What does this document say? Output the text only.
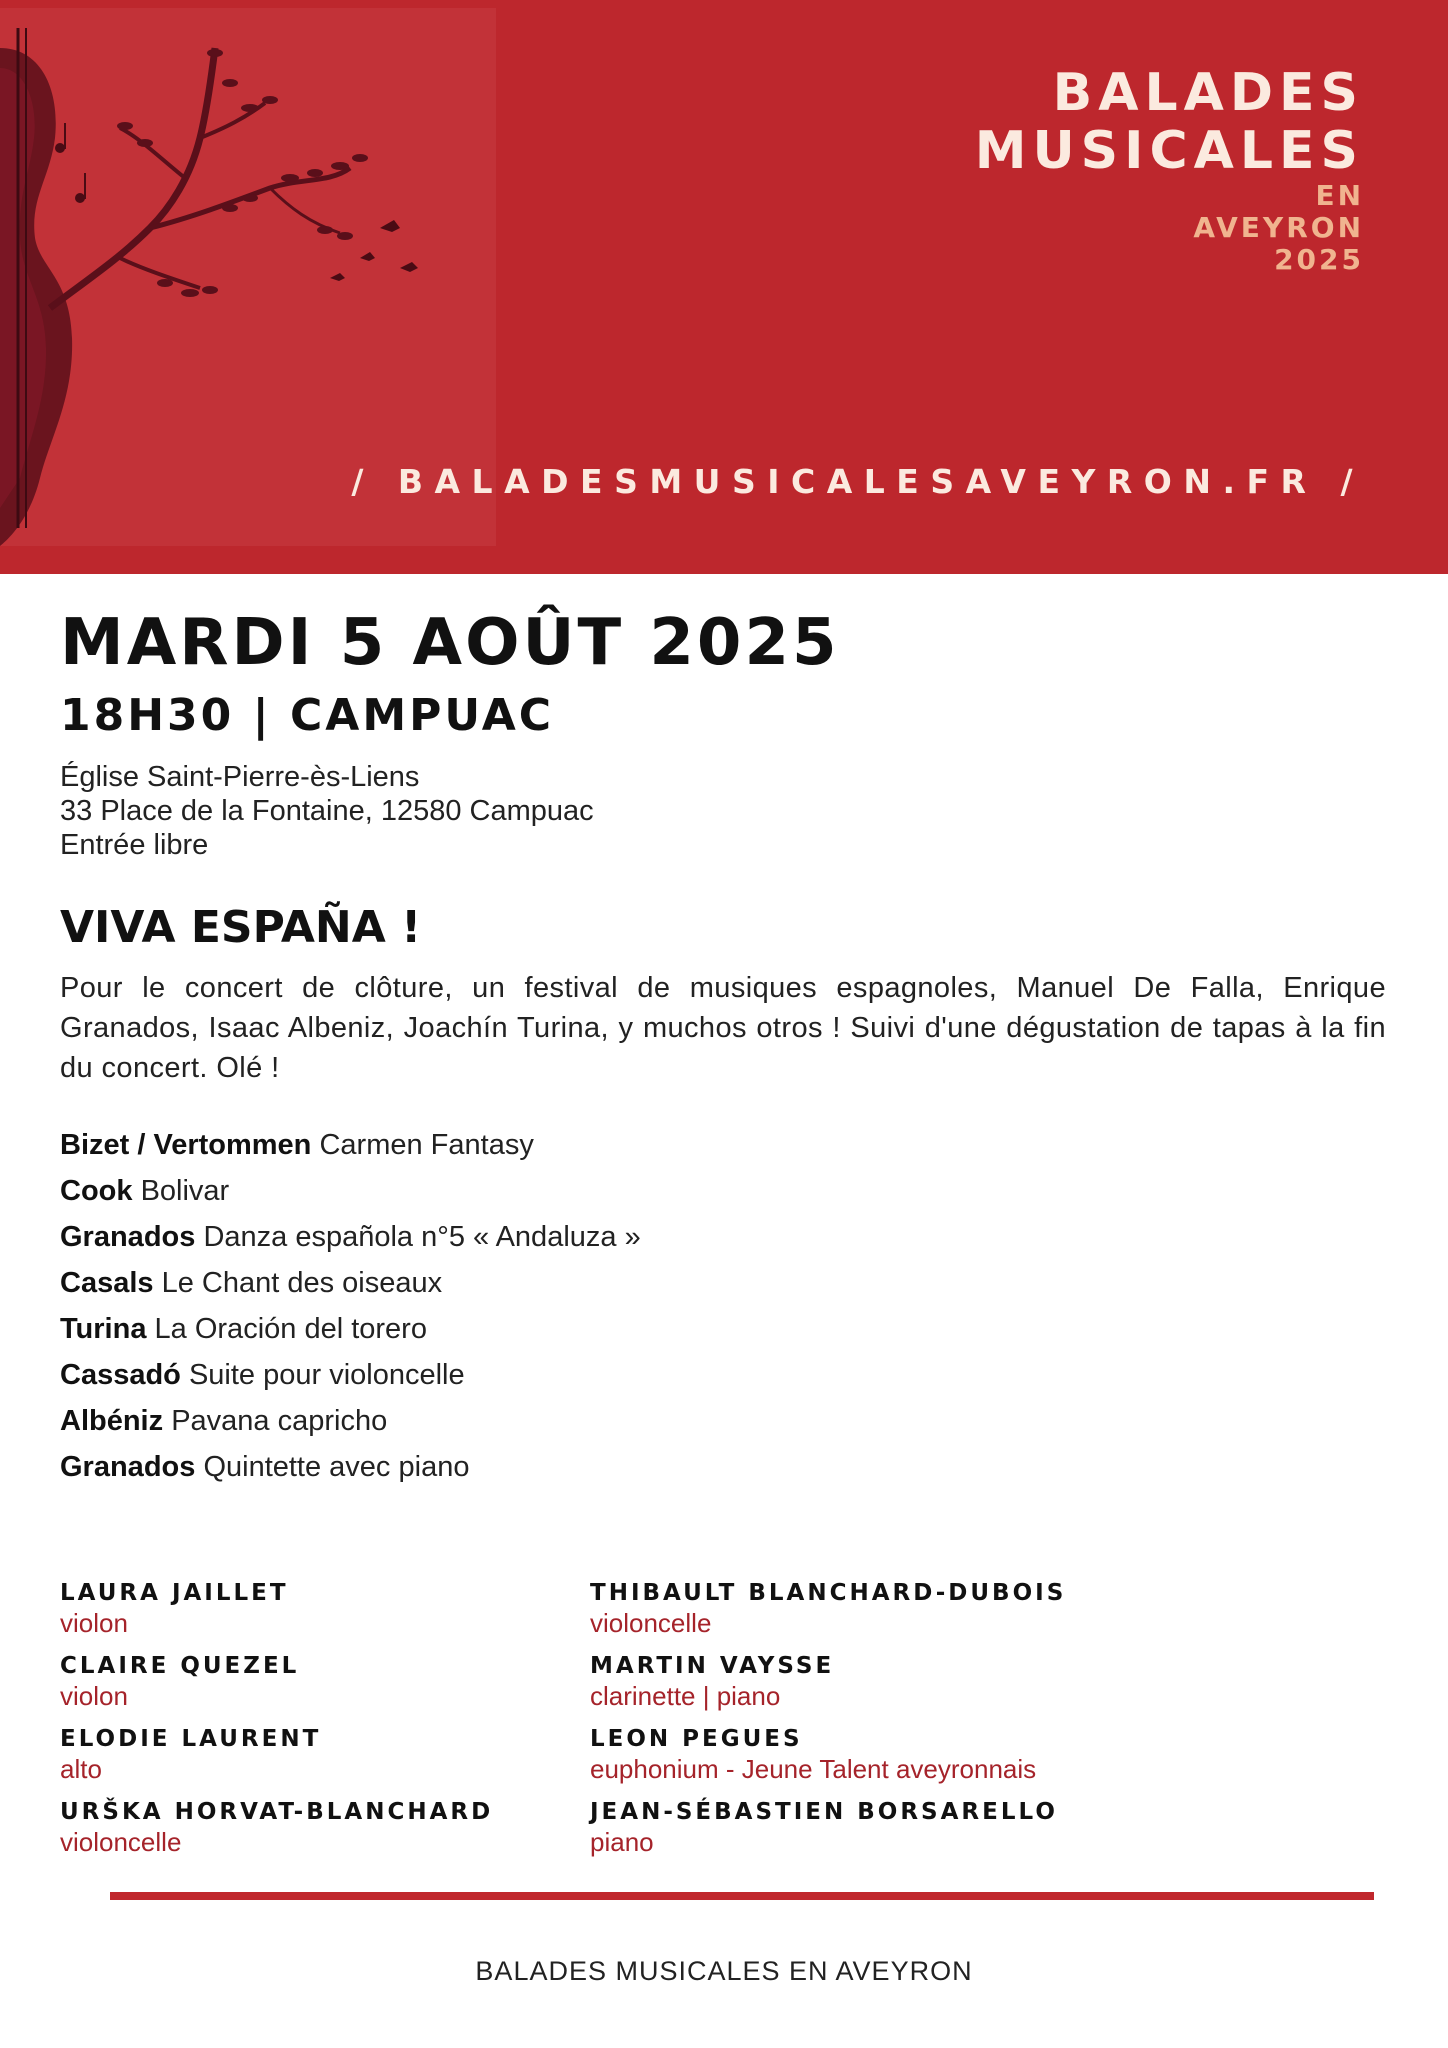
BALADES
MUSICALES
EN
AVEYRON
2025
/ BALADESMUSICALESAVEYRON.FR /
MARDI 5 AOÛT 2025
18H30 | CAMPUAC
Église Saint-Pierre-ès-Liens
33 Place de la Fontaine, 12580 Campuac
Entrée libre
VIVA ESPAÑA !
Pour le concert de clôture, un festival de musiques espagnoles, Manuel De Falla, Enrique Granados, Isaac Albeniz, Joachín Turina, y muchos otros ! Suivi d'une dégustation de tapas à la fin du concert. Olé !
Bizet / Vertommen Carmen Fantasy
Cook Bolivar
Granados Danza española n°5 « Andaluza »
Casals Le Chant des oiseaux
Turina La Oración del torero
Cassadó Suite pour violoncelle
Albéniz Pavana capricho
Granados Quintette avec piano
LAURA JAILLET
violon
CLAIRE QUEZEL
violon
ELODIE LAURENT
alto
URŠKA HORVAT-BLANCHARD
violoncelle
THIBAULT BLANCHARD-DUBOIS
violoncelle
MARTIN VAYSSE
clarinette | piano
LEON PEGUES
euphonium - Jeune Talent aveyronnais
JEAN-SÉBASTIEN BORSARELLO
piano
BALADES MUSICALES EN AVEYRON
